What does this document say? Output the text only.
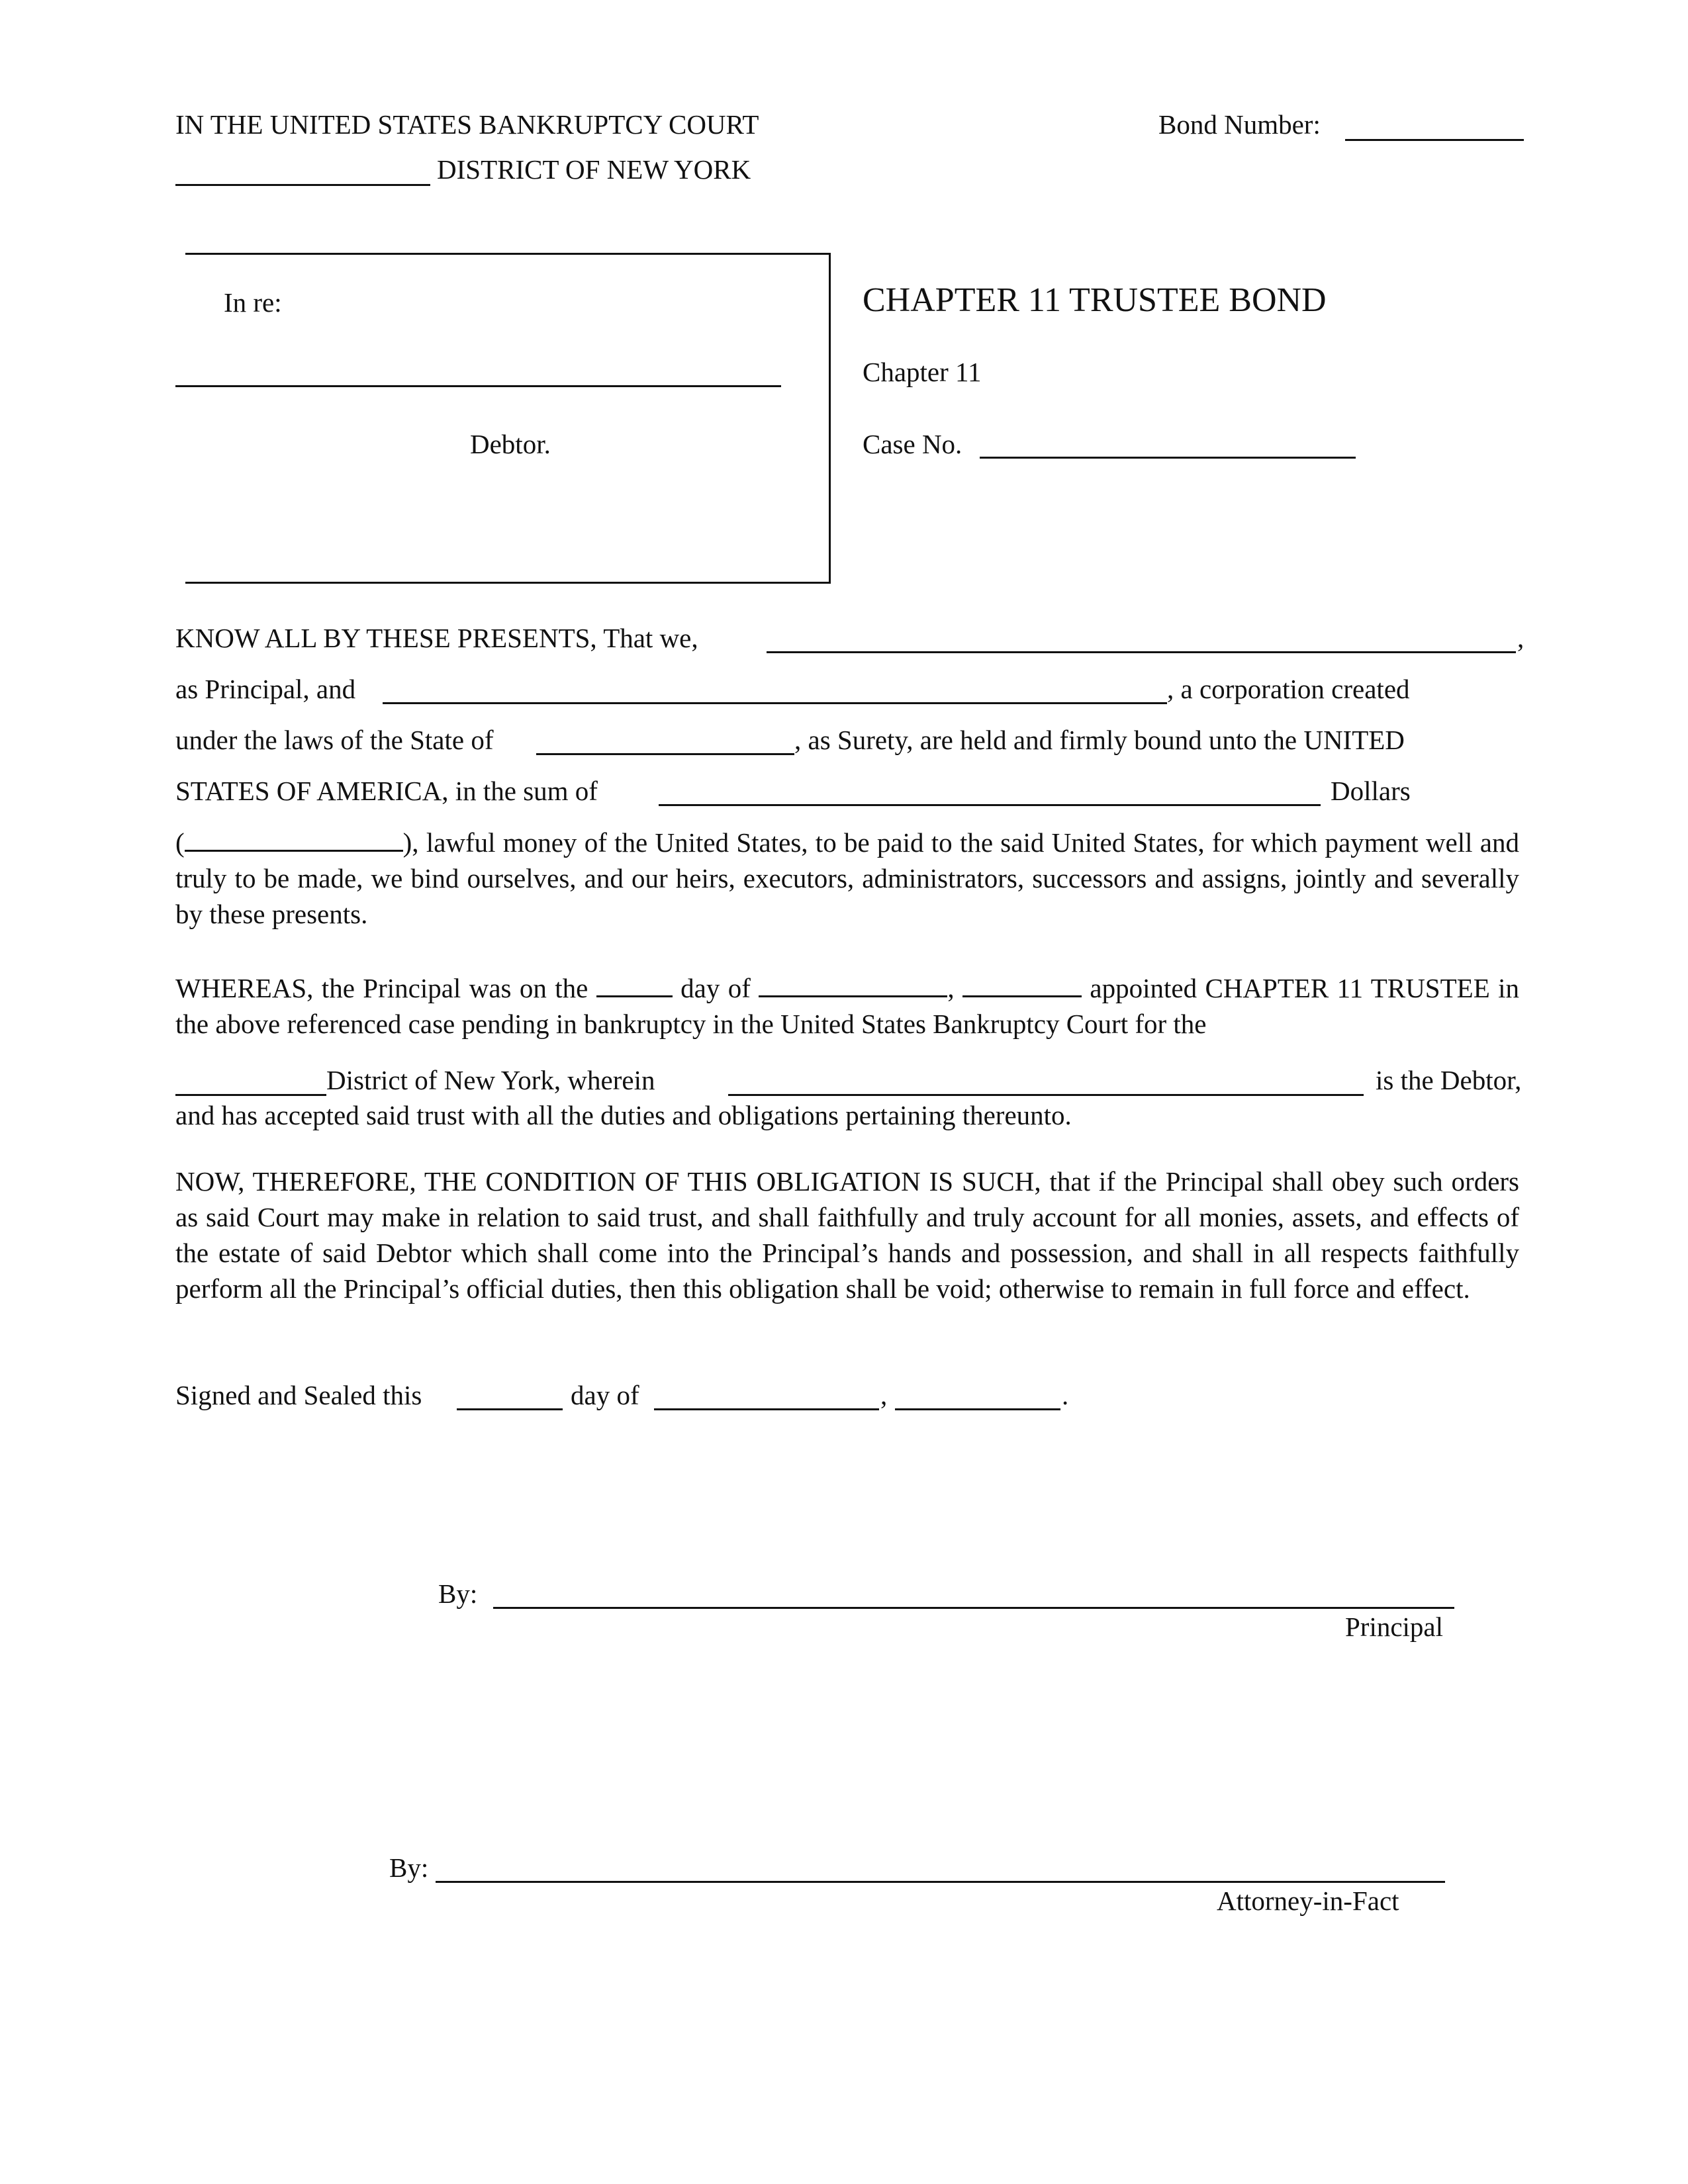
IN THE UNITED STATES BANKRUPTCY COURT
DISTRICT OF NEW YORK
Bond Number:
In re:
Debtor.
CHAPTER 11 TRUSTEE BOND
Chapter 11
Case No.
KNOW ALL BY THESE PRESENTS, That we,	,
as Principal, and	, a corporation created
under the laws of the State of	, as Surety, are held and firmly bound unto the UNITED
STATES OF AMERICA, in the sum of	Dollars
(	), lawful money of the United States, to be paid to the said United States, for which payment well and truly to be made, we bind ourselves, and our heirs, executors, administrators, successors and assigns, jointly and severally by these presents.
WHEREAS, the Principal was on the	day of	,	appointed CHAPTER 11 TRUSTEE in the above referenced case pending in bankruptcy in the United States Bankruptcy Court for the
District of New York, wherein	is the Debtor,
and has accepted said trust with all the duties and obligations pertaining thereunto.
NOW, THEREFORE, THE CONDITION OF THIS OBLIGATION IS SUCH, that if the Principal shall obey such orders as said Court may make in relation to said trust, and shall faithfully and truly account for all monies, assets, and effects of the estate of said Debtor which shall come into the Principal’s hands and possession, and shall in all respects faithfully perform all the Principal’s official duties, then this obligation shall be void; otherwise to remain in full force and effect.
Signed and Sealed this	day of	,	.
By:
Principal
By:
Attorney-in-Fact
